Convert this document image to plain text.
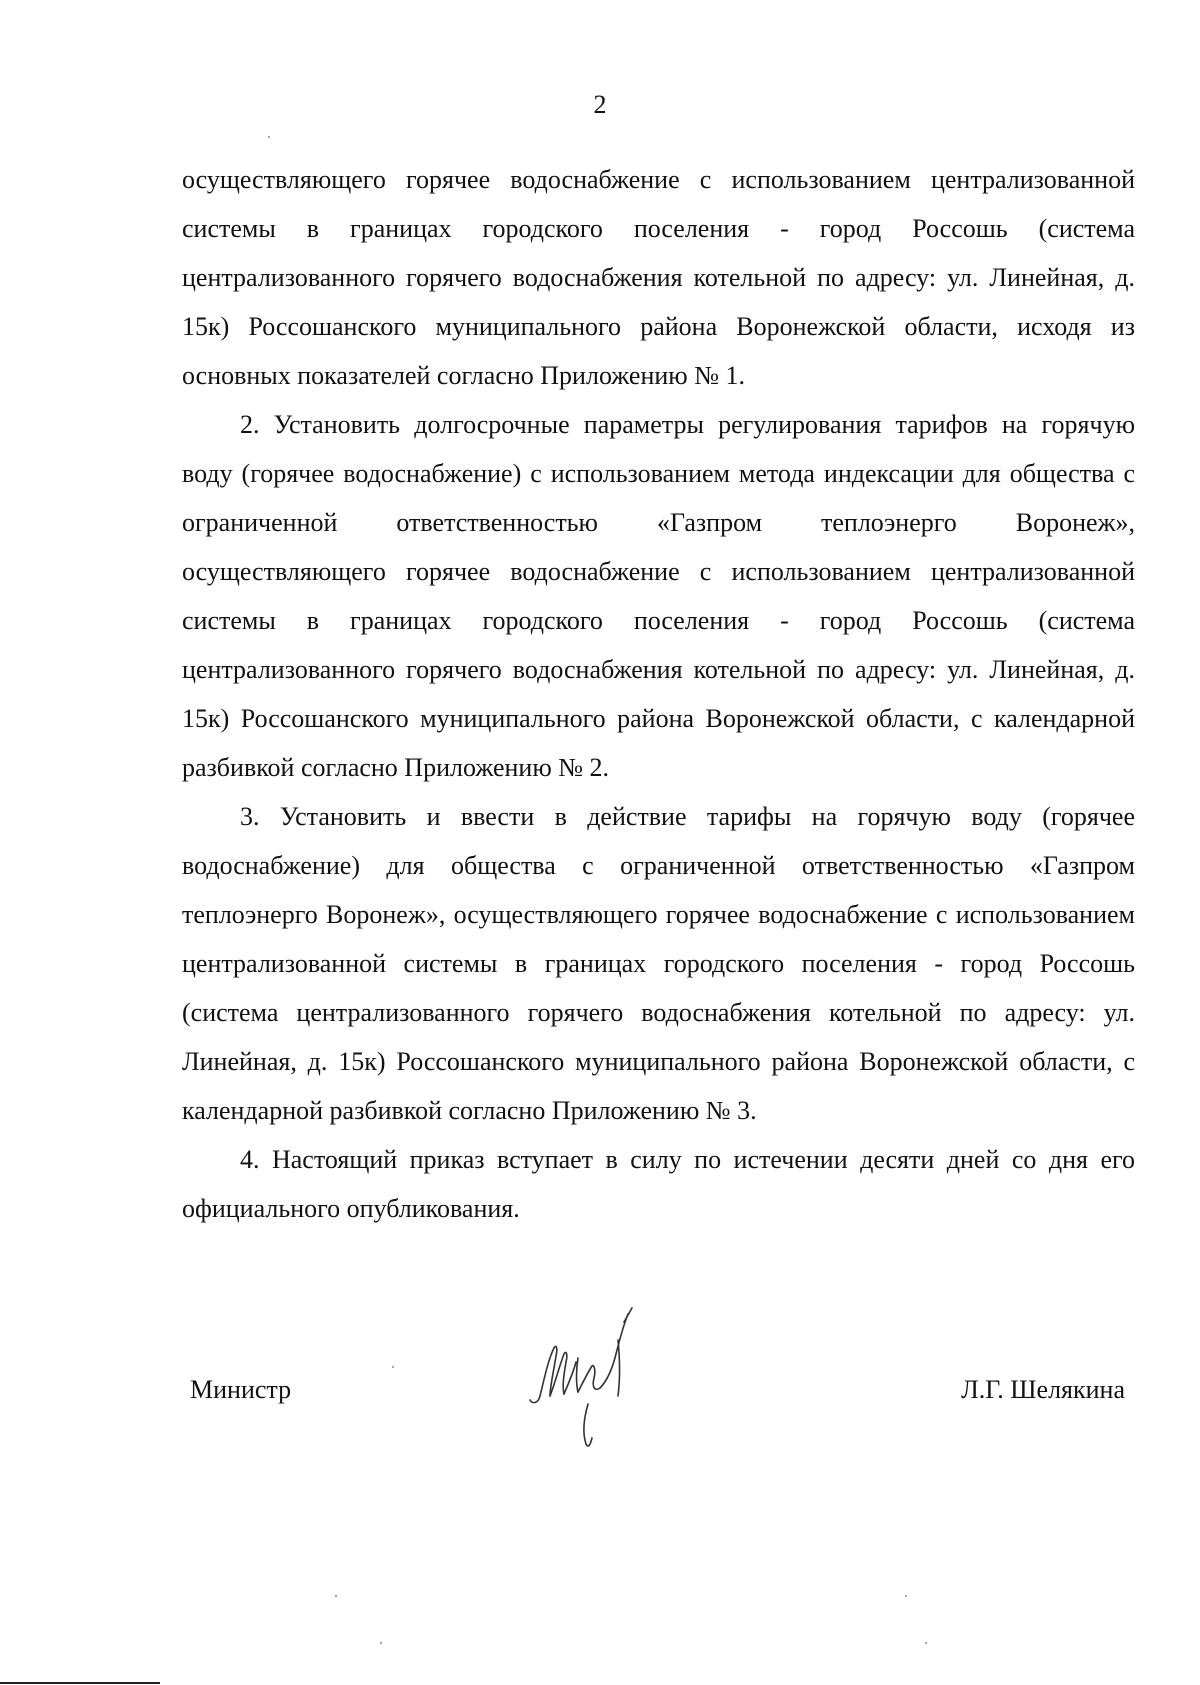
2

осуществляющего горячее водоснабжение с использованием централизованной системы в границах городского поселения - город Россошь (система централизованного горячего водоснабжения котельной по адресу: ул. Линейная, д. 15к) Россошанского муниципального района Воронежской области, исходя из основных показателей согласно Приложению № 1.

2. Установить долгосрочные параметры регулирования тарифов на горячую воду (горячее водоснабжение) с использованием метода индексации для общества с ограниченной ответственностью «Газпром теплоэнерго Воронеж», осуществляющего горячее водоснабжение с использованием централизованной системы в границах городского поселения - город Россошь (система централизованного горячего водоснабжения котельной по адресу: ул. Линейная, д. 15к) Россошанского муниципального района Воронежской области, с календарной разбивкой согласно Приложению № 2.

3. Установить и ввести в действие тарифы на горячую воду (горячее водоснабжение) для общества с ограниченной ответственностью «Газпром теплоэнерго Воронеж», осуществляющего горячее водоснабжение с использованием централизованной системы в границах городского поселения - город Россошь (система централизованного горячего водоснабжения котельной по адресу: ул. Линейная, д. 15к) Россошанского муниципального района Воронежской области, с календарной разбивкой согласно Приложению № 3.

4. Настоящий приказ вступает в силу по истечении десяти дней со дня его официального опубликования.

Министр	Л.Г. Шелякина
